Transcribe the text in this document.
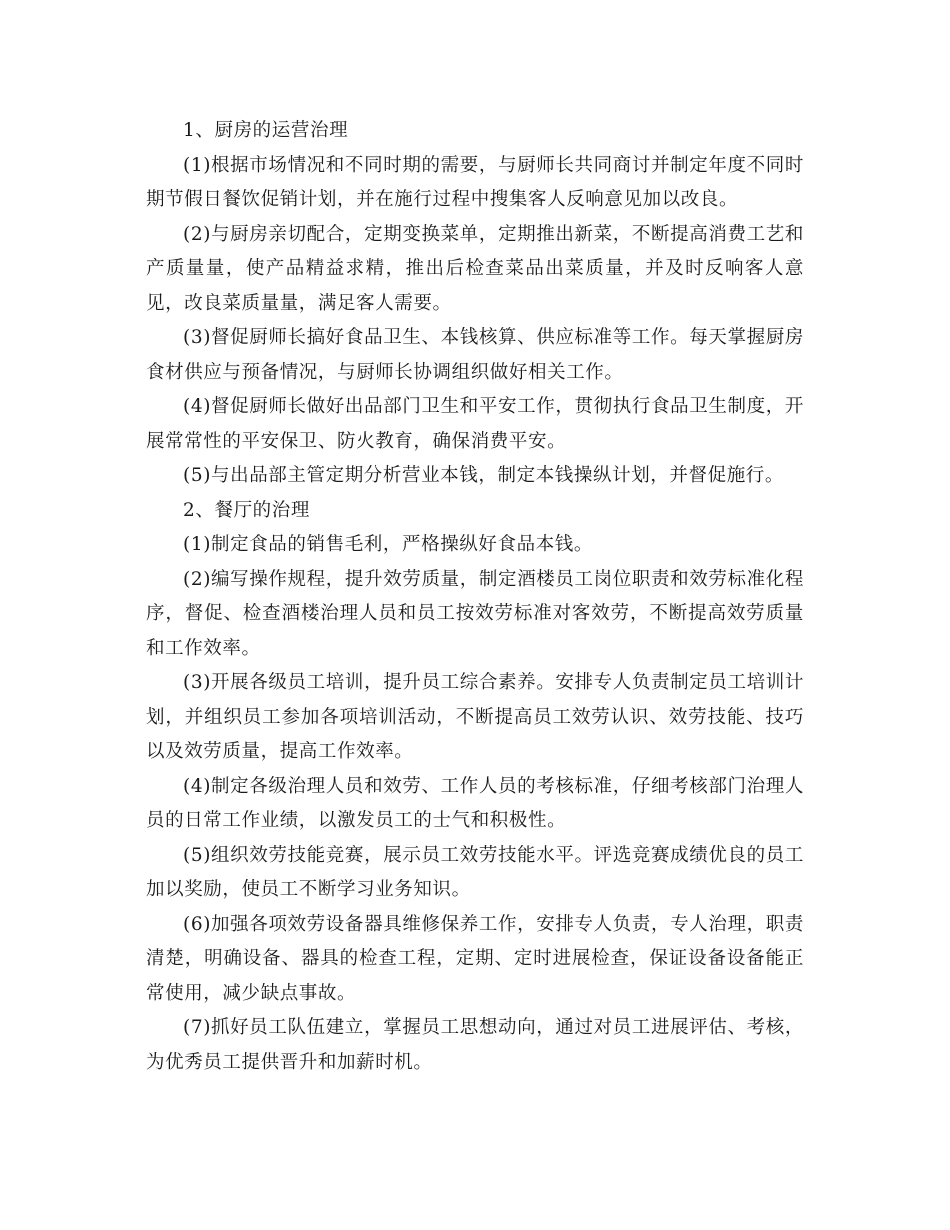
1、厨房的运营治理

(1)根据市场情况和不同时期的需要，与厨师长共同商讨并制定年度不同时期节假日餐饮促销计划，并在施行过程中搜集客人反响意见加以改良。

(2)与厨房亲切配合，定期变换菜单，定期推出新菜，不断提高消费工艺和产质量量，使产品精益求精，推出后检查菜品出菜质量，并及时反响客人意见，改良菜质量量，满足客人需要。

(3)督促厨师长搞好食品卫生、本钱核算、供应标准等工作。每天掌握厨房食材供应与预备情况，与厨师长协调组织做好相关工作。

(4)督促厨师长做好出品部门卫生和平安工作，贯彻执行食品卫生制度，开展常常性的平安保卫、防火教育，确保消费平安。

(5)与出品部主管定期分析营业本钱，制定本钱操纵计划，并督促施行。

2、餐厅的治理

(1)制定食品的销售毛利，严格操纵好食品本钱。

(2)编写操作规程，提升效劳质量，制定酒楼员工岗位职责和效劳标准化程序，督促、检查酒楼治理人员和员工按效劳标准对客效劳，不断提高效劳质量和工作效率。

(3)开展各级员工培训，提升员工综合素养。安排专人负责制定员工培训计划，并组织员工参加各项培训活动，不断提高员工效劳认识、效劳技能、技巧以及效劳质量，提高工作效率。

(4)制定各级治理人员和效劳、工作人员的考核标准，仔细考核部门治理人员的日常工作业绩，以激发员工的士气和积极性。

(5)组织效劳技能竞赛，展示员工效劳技能水平。评选竞赛成绩优良的员工加以奖励，使员工不断学习业务知识。

(6)加强各项效劳设备器具维修保养工作，安排专人负责，专人治理，职责清楚，明确设备、器具的检查工程，定期、定时进展检查，保证设备设备能正常使用，减少缺点事故。

(7)抓好员工队伍建立，掌握员工思想动向，通过对员工进展评估、考核，为优秀员工提供晋升和加薪时机。
